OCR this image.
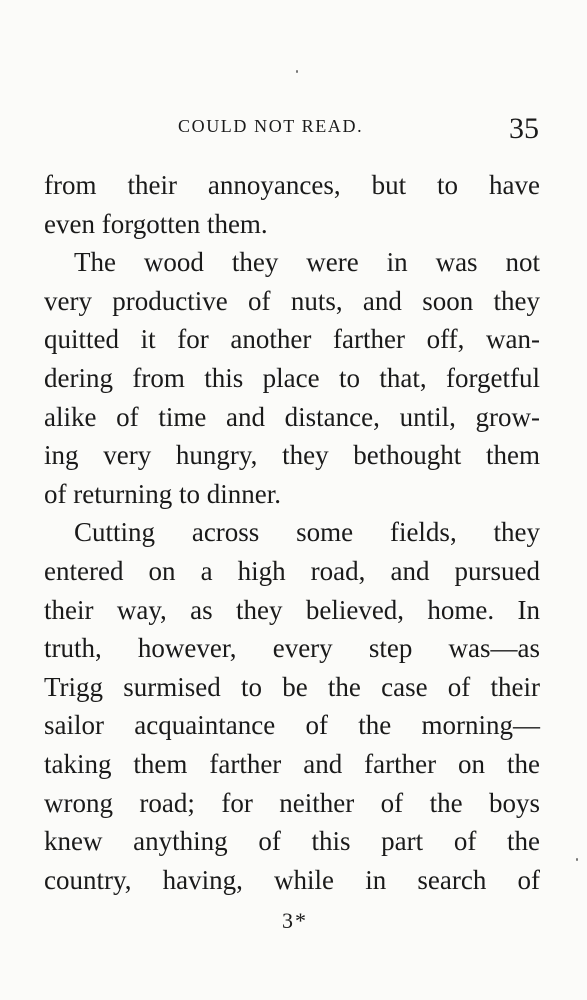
COULD NOT READ.	35
from their annoyances, but to have
even forgotten them.
The wood they were in was not
very productive of nuts, and soon they
quitted it for another farther off, wan-
dering from this place to that, forgetful
alike of time and distance, until, grow-
ing very hungry, they bethought them
of returning to dinner.
Cutting across some fields, they
entered on a high road, and pursued
their way, as they believed, home. In
truth, however, every step was—as
Trigg surmised to be the case of their
sailor acquaintance of the morning—
taking them farther and farther on the
wrong road; for neither of the boys
knew anything of this part of the
country, having, while in search of
3*
